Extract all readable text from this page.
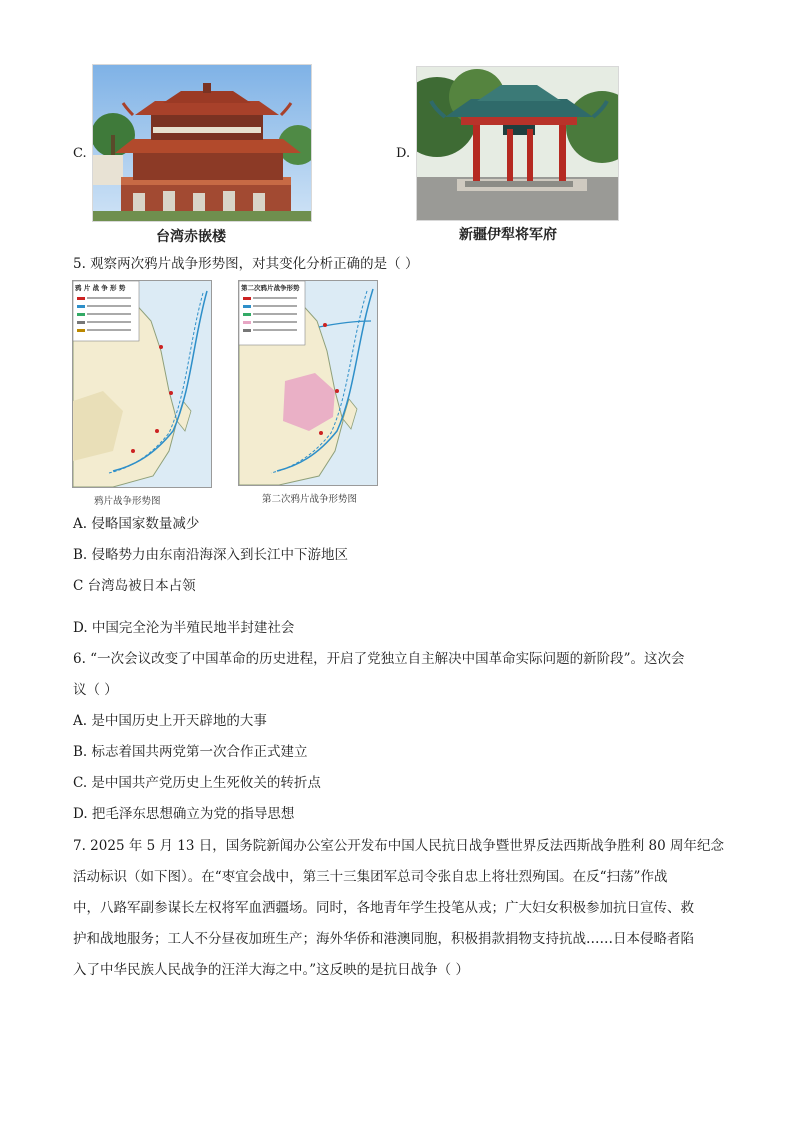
C.
台湾赤嵌楼
D.
新疆伊犁将军府
5. 观察两次鸦片战争形势图，对其变化分析正确的是（ ）
鸦 片 战 争 形 势
鸦片战争形势图
第二次鸦片战争形势
第二次鸦片战争形势图
A. 侵略国家数量减少
B. 侵略势力由东南沿海深入到长江中下游地区
C 台湾岛被日本占领
D. 中国完全沦为半殖民地半封建社会
6. “一次会议改变了中国革命的历史进程，开启了党独立自主解决中国革命实际问题的新阶段”。这次会
议（ ）
A. 是中国历史上开天辟地的大事
B. 标志着国共两党第一次合作正式建立
C. 是中国共产党历史上生死攸关的转折点
D. 把毛泽东思想确立为党的指导思想
7. 2025 年 5 月 13 日，国务院新闻办公室公开发布中国人民抗日战争暨世界反法西斯战争胜利 80 周年纪念
活动标识（如下图）。在“枣宜会战中，第三十三集团军总司令张自忠上将壮烈殉国。在反“扫荡”作战
中，八路军副参谋长左权将军血洒疆场。同时，各地青年学生投笔从戎；广大妇女积极参加抗日宣传、救
护和战地服务；工人不分昼夜加班生产；海外华侨和港澳同胞，积极捐款捐物支持抗战……日本侵略者陷
入了中华民族人民战争的汪洋大海之中。”这反映的是抗日战争（ ）
